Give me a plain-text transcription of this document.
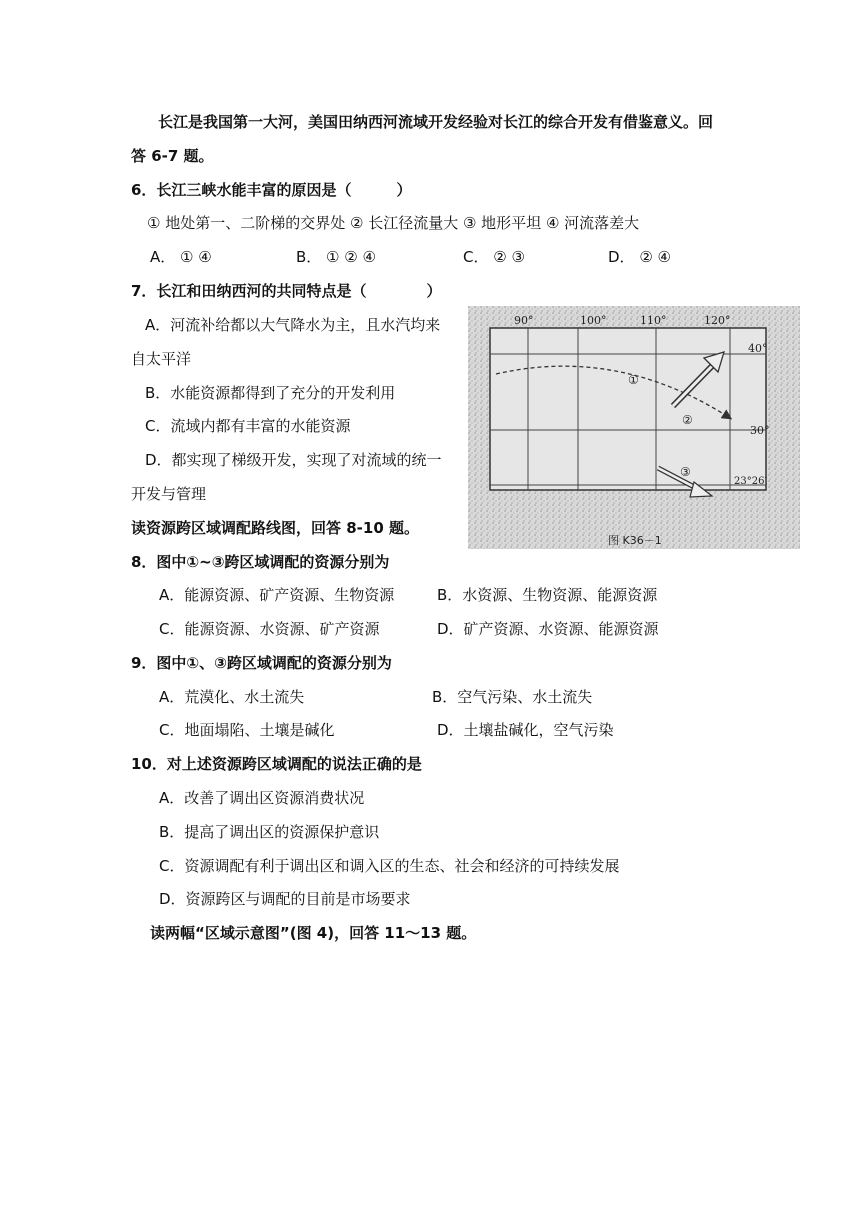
长江是我国第一大河，美国田纳西河流域开发经验对长江的综合开发有借鉴意义。回
答 6-7 题。
6．长江三峡水能丰富的原因是（　　　）
① 地处第一、二阶梯的交界处 ② 长江径流量大 ③ 地形平坦 ④ 河流落差大
A． ① ④	B． ① ② ④	C． ② ③	D． ② ④
7．长江和田纳西河的共同特点是（　　　　）
A．河流补给都以大气降水为主，且水汽均来
自太平洋
B．水能资源都得到了充分的开发利用
C．流域内都有丰富的水能资源
D．都实现了梯级开发，实现了对流域的统一
开发与管理
读资源跨区域调配路线图，回答 8-10 题。
90°	100°	110°	120°
40°
30°
23°26′
①
②
③
图 K36－1
8．图中①~③跨区域调配的资源分别为
A．能源资源、矿产资源、生物资源	B．水资源、生物资源、能源资源
C．能源资源、水资源、矿产资源	D．矿产资源、水资源、能源资源
9．图中①、③跨区域调配的资源分别为
A．荒漠化、水土流失	B．空气污染、水土流失
C．地面塌陷、土壤是碱化	D．土壤盐碱化，空气污染
10．对上述资源跨区域调配的说法正确的是
A．改善了调出区资源消费状况
B．提高了调出区的资源保护意识
C．资源调配有利于调出区和调入区的生态、社会和经济的可持续发展
D．资源跨区与调配的目前是市场要求
读两幅“区域示意图”(图 4)，回答 11～13 题。
